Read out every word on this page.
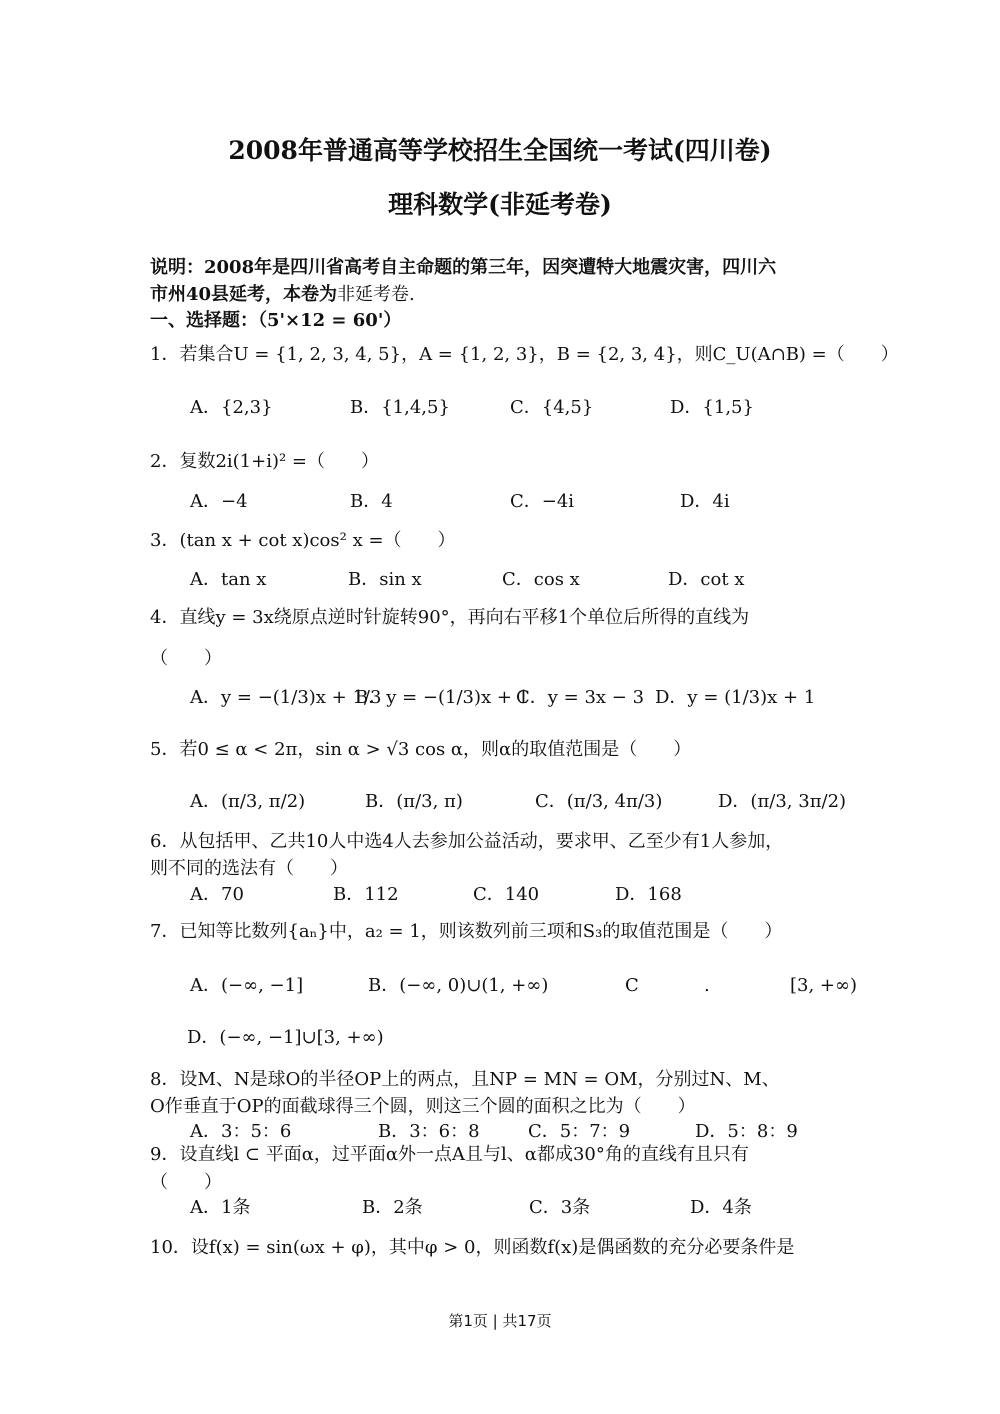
2008年普通高等学校招生全国统一考试(四川卷)
理科数学(非延考卷)
说明：2008年是四川省高考自主命题的第三年，因突遭特大地震灾害，四川六
市州40县延考，本卷为非延考卷.
一、选择题：（5'×12 = 60'）
1．若集合U = {1, 2, 3, 4, 5}，A = {1, 2, 3}，B = {2, 3, 4}，则C_U(A∩B) =（　　）
A．{2,3}	B．{1,4,5}	C．{4,5}	D．{1,5}
2．复数2i(1+i)² =（　　）
A．−4	B．4	C．−4i	D．4i
3．(tan x + cot x)cos² x =（　　）
A．tan x	B．sin x	C．cos x	D．cot x
4．直线y = 3x绕原点逆时针旋转90°，再向右平移1个单位后所得的直线为
（　　）
A．y = −(1/3)x + 1/3
B．y = −(1/3)x + 1
C．y = 3x − 3 D．y = (1/3)x + 1
5．若0 ≤ α < 2π，sin α > √3 cos α，则α的取值范围是（　　）
A．(π/3, π/2)	B．(π/3, π)	C．(π/3, 4π/3)	D．(π/3, 3π/2)
6．从包括甲、乙共10人中选4人去参加公益活动，要求甲、乙至少有1人参加，
则不同的选法有（　　）
A．70	B．112	C．140	D．168
7．已知等比数列{aₙ}中，a₂ = 1，则该数列前三项和S₃的取值范围是（　　）
A．(−∞, −1]	B．(−∞, 0)∪(1, +∞)	C	.	[3, +∞)
D．(−∞, −1]∪[3, +∞)
8．设M、N是球O的半径OP上的两点，且NP = MN = OM，分别过N、M、
O作垂直于OP的面截球得三个圆，则这三个圆的面积之比为（　　）
A．3：5：6	B．3：6：8	C．5：7：9	D．5：8：9
9．设直线l ⊂ 平面α，过平面α外一点A且与l、α都成30°角的直线有且只有
（　　）
A．1条	B．2条	C．3条	D．4条
10．设f(x) = sin(ωx + φ)，其中φ > 0，则函数f(x)是偶函数的充分必要条件是
第1页 | 共17页
